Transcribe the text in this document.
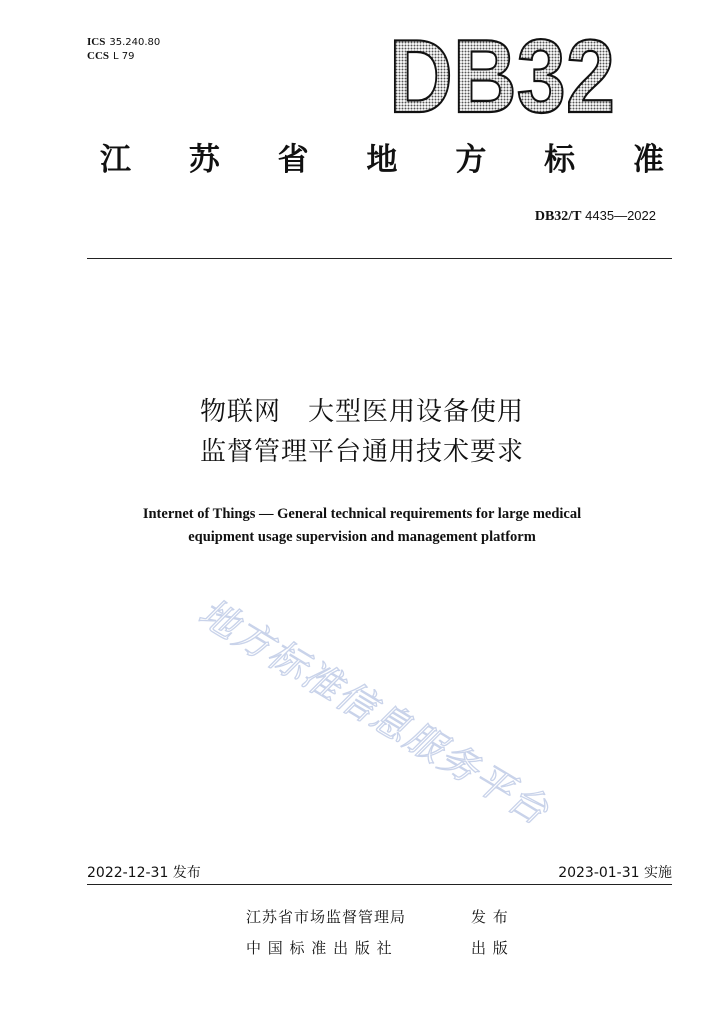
ICS 35.240.80
CCS L 79 DB32
江 苏 省 地 方 标 准
DB32/T 4435—2022
物联网　大型医用设备使用
监督管理平台通用技术要求
Internet of Things — General technical requirements for large medical
equipment usage supervision and management platform
地方标准信息服务平台
2022-12-31 发布	2023-01-31 实施
江苏省市场监督管理局	发 布
中 国 标 准 出 版 社	出 版
